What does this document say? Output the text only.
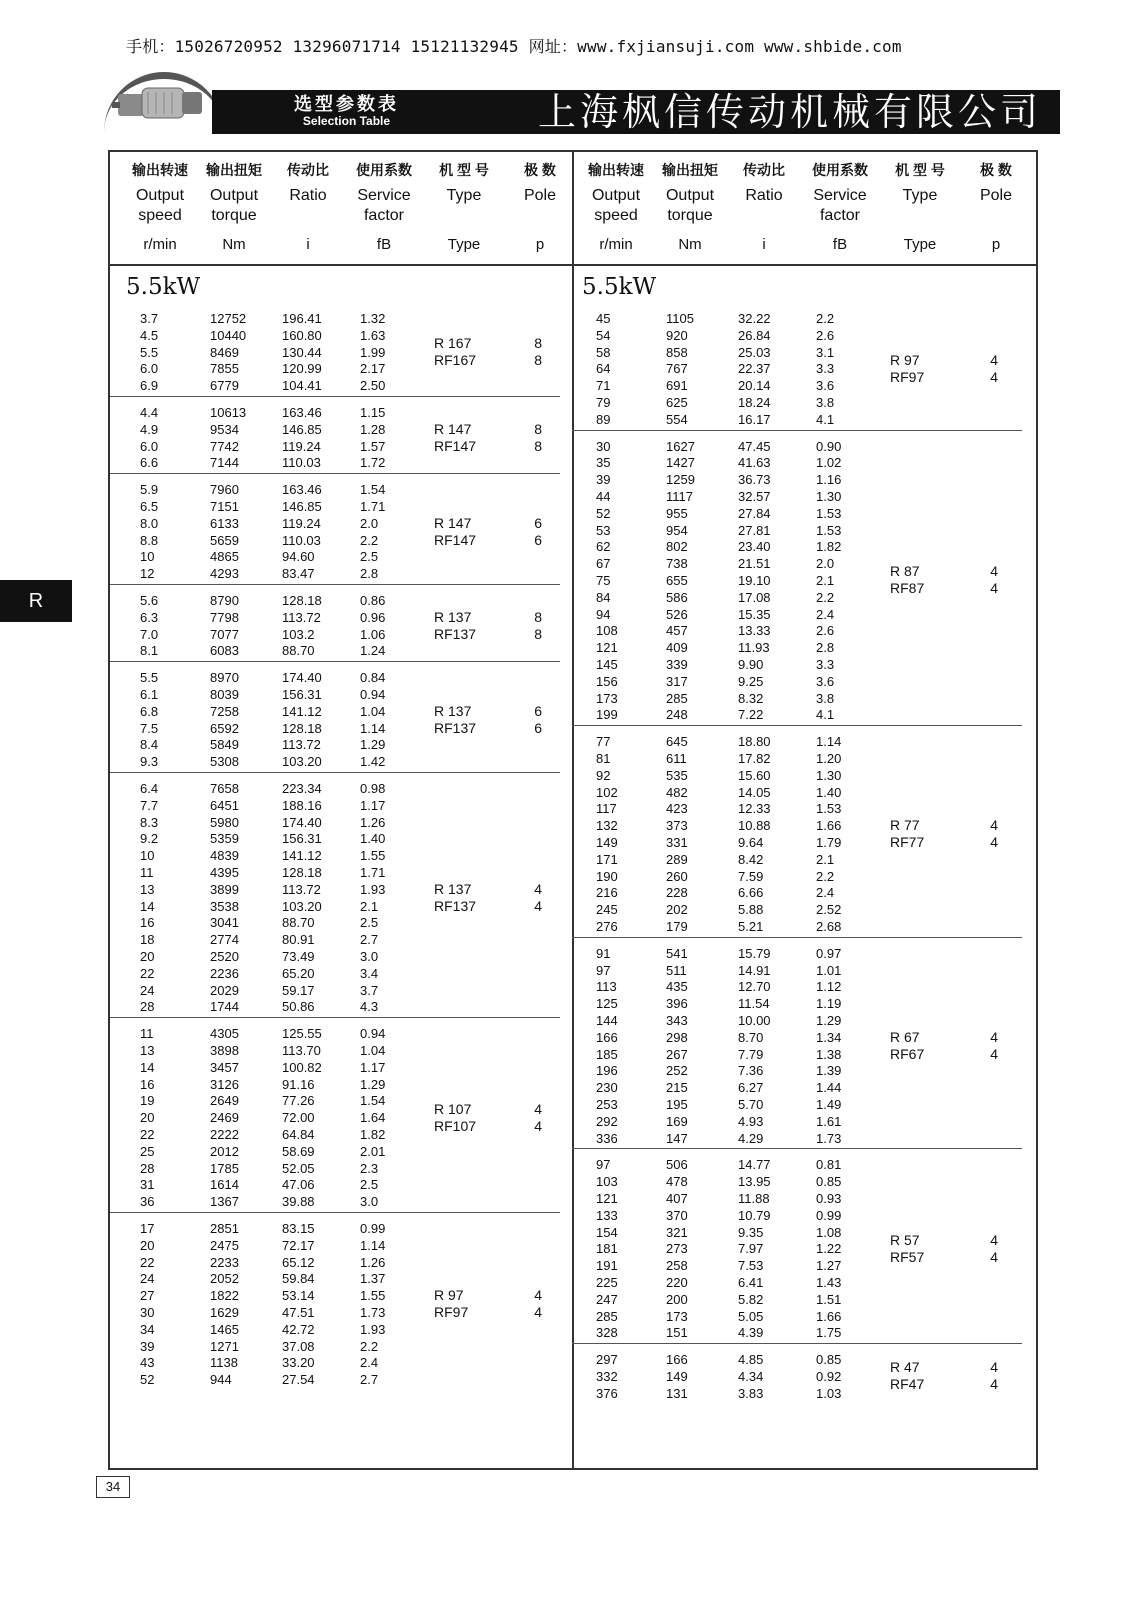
手机：15026720952 13296071714 15121132945 网址：www.fxjiansuji.com www.shbide.com
选型参数表
Selection Table	上海枫信传动机械有限公司
输出转速
Output speed
r/min
输出扭矩
Output torque
Nm
传动比
Ratio
i
使用系数
Service factor
fB
机 型 号
Type
Type
极 数
Pole
p
5.5kW
3.7	12752	196.41	1.32
4.5	10440	160.80	1.63
5.5	8469	130.44	1.99
6.0	7855	120.99	2.17
6.9	6779	104.41	2.50
R 167	8
RF167	8
4.4	10613	163.46	1.15
4.9	9534	146.85	1.28
6.0	7742	119.24	1.57
6.6	7144	110.03	1.72
R 147	8
RF147	8
5.9	7960	163.46	1.54
6.5	7151	146.85	1.71
8.0	6133	119.24	2.0
8.8	5659	110.03	2.2
10	4865	94.60	2.5
12	4293	83.47	2.8
R 147	6
RF147	6
5.6	8790	128.18	0.86
6.3	7798	113.72	0.96
7.0	7077	103.2	1.06
8.1	6083	88.70	1.24
R 137	8
RF137	8
5.5	8970	174.40	0.84
6.1	8039	156.31	0.94
6.8	7258	141.12	1.04
7.5	6592	128.18	1.14
8.4	5849	113.72	1.29
9.3	5308	103.20	1.42
R 137	6
RF137	6
6.4	7658	223.34	0.98
7.7	6451	188.16	1.17
8.3	5980	174.40	1.26
9.2	5359	156.31	1.40
10	4839	141.12	1.55
11	4395	128.18	1.71
13	3899	113.72	1.93
14	3538	103.20	2.1
16	3041	88.70	2.5
18	2774	80.91	2.7
20	2520	73.49	3.0
22	2236	65.20	3.4
24	2029	59.17	3.7
28	1744	50.86	4.3
R 137	4
RF137	4
11	4305	125.55	0.94
13	3898	113.70	1.04
14	3457	100.82	1.17
16	3126	91.16	1.29
19	2649	77.26	1.54
20	2469	72.00	1.64
22	2222	64.84	1.82
25	2012	58.69	2.01
28	1785	52.05	2.3
31	1614	47.06	2.5
36	1367	39.88	3.0
R 107	4
RF107	4
17	2851	83.15	0.99
20	2475	72.17	1.14
22	2233	65.12	1.26
24	2052	59.84	1.37
27	1822	53.14	1.55
30	1629	47.51	1.73
34	1465	42.72	1.93
39	1271	37.08	2.2
43	1138	33.20	2.4
52	944	27.54	2.7
R 97	4
RF97	4
输出转速
Output speed
r/min
输出扭矩
Output torque
Nm
传动比
Ratio
i
使用系数
Service factor
fB
机 型 号
Type
Type
极 数
Pole
p
5.5kW
45	1105	32.22	2.2
54	920	26.84	2.6
58	858	25.03	3.1
64	767	22.37	3.3
71	691	20.14	3.6
79	625	18.24	3.8
89	554	16.17	4.1
R 97	4
RF97	4
30	1627	47.45	0.90
35	1427	41.63	1.02
39	1259	36.73	1.16
44	1117	32.57	1.30
52	955	27.84	1.53
53	954	27.81	1.53
62	802	23.40	1.82
67	738	21.51	2.0
75	655	19.10	2.1
84	586	17.08	2.2
94	526	15.35	2.4
108	457	13.33	2.6
121	409	11.93	2.8
145	339	9.90	3.3
156	317	9.25	3.6
173	285	8.32	3.8
199	248	7.22	4.1
R 87	4
RF87	4
77	645	18.80	1.14
81	611	17.82	1.20
92	535	15.60	1.30
102	482	14.05	1.40
117	423	12.33	1.53
132	373	10.88	1.66
149	331	9.64	1.79
171	289	8.42	2.1
190	260	7.59	2.2
216	228	6.66	2.4
245	202	5.88	2.52
276	179	5.21	2.68
R 77	4
RF77	4
91	541	15.79	0.97
97	511	14.91	1.01
113	435	12.70	1.12
125	396	11.54	1.19
144	343	10.00	1.29
166	298	8.70	1.34
185	267	7.79	1.38
196	252	7.36	1.39
230	215	6.27	1.44
253	195	5.70	1.49
292	169	4.93	1.61
336	147	4.29	1.73
R 67	4
RF67	4
97	506	14.77	0.81
103	478	13.95	0.85
121	407	11.88	0.93
133	370	10.79	0.99
154	321	9.35	1.08
181	273	7.97	1.22
191	258	7.53	1.27
225	220	6.41	1.43
247	200	5.82	1.51
285	173	5.05	1.66
328	151	4.39	1.75
R 57	4
RF57	4
297	166	4.85	0.85
332	149	4.34	0.92
376	131	3.83	1.03
R 47	4
RF47	4
R
34
